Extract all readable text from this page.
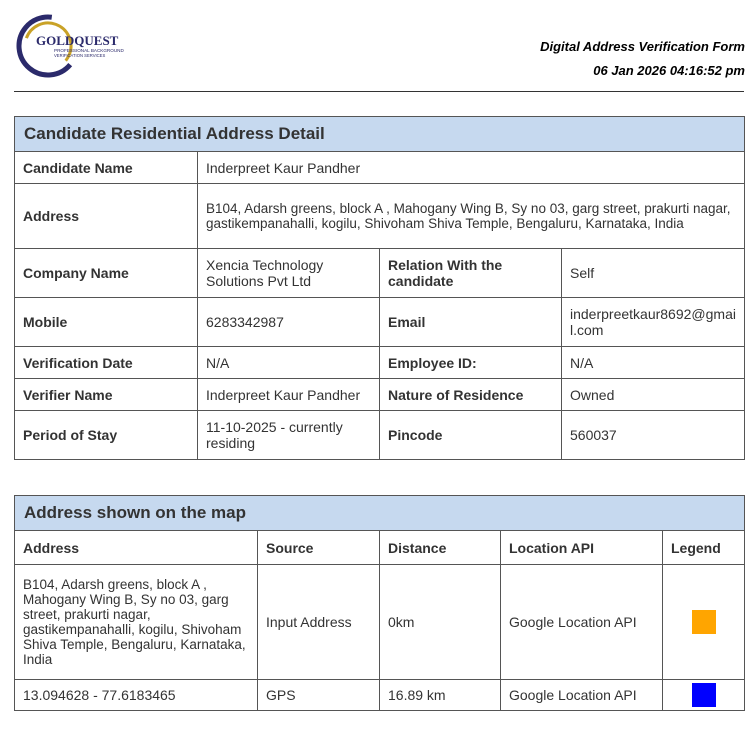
GOLDQUEST
PROFESSIONAL BACKGROUND
VERIFICATION SERVICES
Digital Address Verification Form
06 Jan 2026 04:16:52 pm
Candidate Residential Address Detail			
Candidate Name	Inderpreet Kaur Pandher		
Address	B104, Adarsh greens, block A , Mahogany Wing B, Sy no 03, garg street, prakurti nagar, gastikempanahalli, kogilu, Shivoham Shiva Temple, Bengaluru, Karnataka, India		
Company Name	Xencia Technology Solutions Pvt Ltd	Relation With the candidate	Self
Mobile	6283342987	Email	inderpreetkaur8692@gmail.com
Verification Date	N/A	Employee ID:	N/A
Verifier Name	Inderpreet Kaur Pandher	Nature of Residence	Owned
Period of Stay	11-10-2025 - currently residing	Pincode	560037
Address shown on the map				
Address	Source	Distance	Location API	Legend
B104, Adarsh greens, block A , Mahogany Wing B, Sy no 03, garg street, prakurti nagar, gastikempanahalli, kogilu, Shivoham Shiva Temple, Bengaluru, Karnataka, India	Input Address	0km	Google Location API	

13.094628 - 77.6183465	GPS	16.89 km	Google Location API	
